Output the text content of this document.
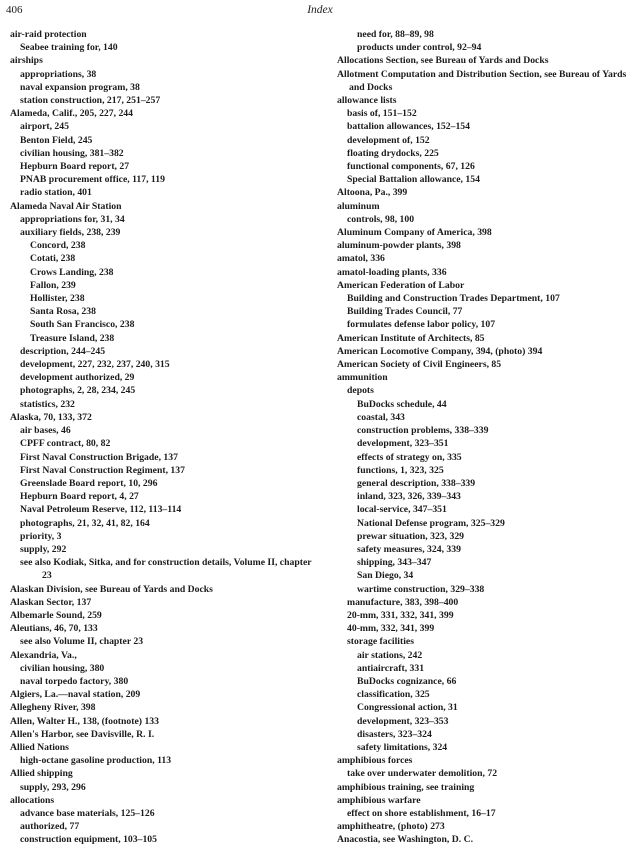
406	Index
air-raid protection
Seabee training for, 140
airships
appropriations, 38
naval expansion program, 38
station construction, 217, 251–257
Alameda, Calif., 205, 227, 244
airport, 245
Benton Field, 245
civilian housing, 381–382
Hepburn Board report, 27
PNAB procurement office, 117, 119
radio station, 401
Alameda Naval Air Station
appropriations for, 31, 34
auxiliary fields, 238, 239
Concord, 238
Cotati, 238
Crows Landing, 238
Fallon, 239
Hollister, 238
Santa Rosa, 238
South San Francisco, 238
Treasure Island, 238
description, 244–245
development, 227, 232, 237, 240, 315
development authorized, 29
photographs, 2, 28, 234, 245
statistics, 232
Alaska, 70, 133, 372
air bases, 46
CPFF contract, 80, 82
First Naval Construction Brigade, 137
First Naval Construction Regiment, 137
Greenslade Board report, 10, 296
Hepburn Board report, 4, 27
Naval Petroleum Reserve, 112, 113–114
photographs, 21, 32, 41, 82, 164
priority, 3
supply, 292
see also Kodiak, Sitka, and for construction details, Volume II, chapter 23
Alaskan Division, see Bureau of Yards and Docks
Alaskan Sector, 137
Albemarle Sound, 259
Aleutians, 46, 70, 133
see also Volume II, chapter 23
Alexandria, Va.,
civilian housing, 380
naval torpedo factory, 380
Algiers, La.—naval station, 209
Allegheny River, 398
Allen, Walter H., 138, (footnote) 133
Allen's Harbor, see Davisville, R. I.
Allied Nations
high-octane gasoline production, 113
Allied shipping
supply, 293, 296
allocations
advance base materials, 125–126
authorized, 77
construction equipment, 103–105
need for, 88–89, 98
products under control, 92–94
Allocations Section, see Bureau of Yards and Docks
Allotment Computation and Distribution Section, see Bureau of Yards and Docks
allowance lists
basis of, 151–152
battalion allowances, 152–154
development of, 152
floating drydocks, 225
functional components, 67, 126
Special Battalion allowance, 154
Altoona, Pa., 399
aluminum
controls, 98, 100
Aluminum Company of America, 398
aluminum-powder plants, 398
amatol, 336
amatol-loading plants, 336
American Federation of Labor
Building and Construction Trades Department, 107
Building Trades Council, 77
formulates defense labor policy, 107
American Institute of Architects, 85
American Locomotive Company, 394, (photo) 394
American Society of Civil Engineers, 85
ammunition
depots
BuDocks schedule, 44
coastal, 343
construction problems, 338–339
development, 323–351
effects of strategy on, 335
functions, 1, 323, 325
general description, 338–339
inland, 323, 326, 339–343
local-service, 347–351
National Defense program, 325–329
prewar situation, 323, 329
safety measures, 324, 339
shipping, 343–347
San Diego, 34
wartime construction, 329–338
manufacture, 383, 398–400
20-mm, 331, 332, 341, 399
40-mm, 332, 341, 399
storage facilities
air stations, 242
antiaircraft, 331
BuDocks cognizance, 66
classification, 325
Congressional action, 31
development, 323–353
disasters, 323–324
safety limitations, 324
amphibious forces
take over underwater demolition, 72
amphibious training, see training
amphibious warfare
effect on shore establishment, 16–17
amphitheatre, (photo) 273
Anacostia, see Washington, D. C.
